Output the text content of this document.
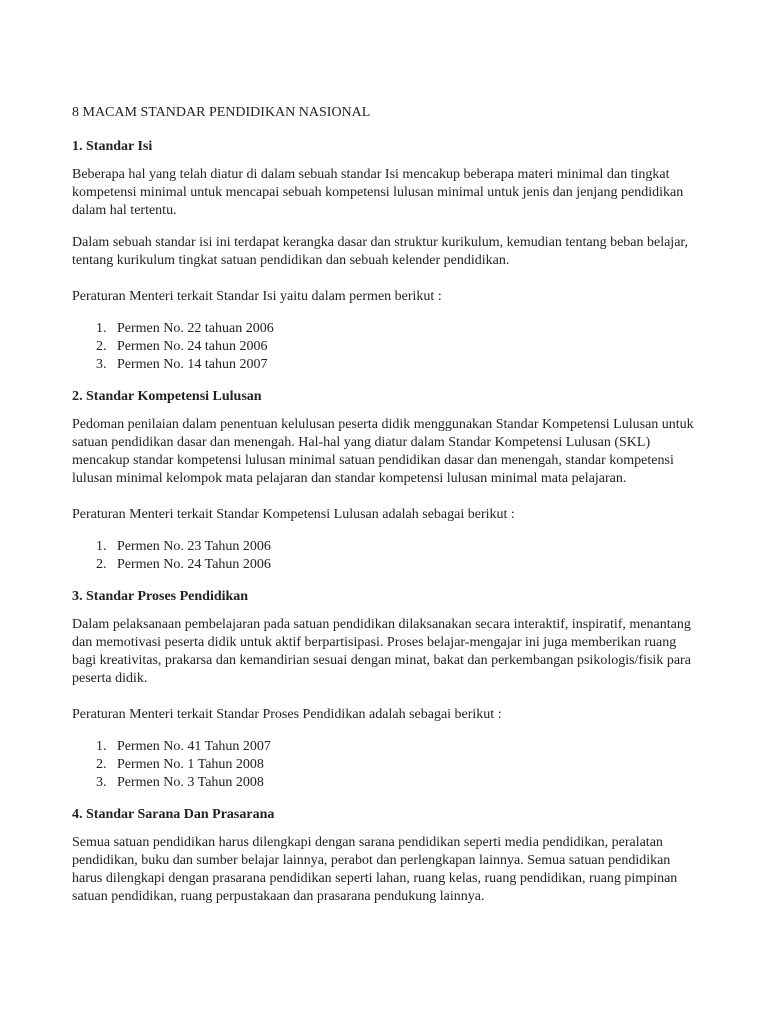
8 MACAM STANDAR PENDIDIKAN NASIONAL
1. Standar Isi

Beberapa hal yang telah diatur di dalam sebuah standar Isi mencakup beberapa materi minimal dan tingkat kompetensi minimal untuk mencapai sebuah kompetensi lulusan minimal untuk jenis dan jenjang pendidikan dalam hal tertentu.

Dalam sebuah standar isi ini terdapat kerangka dasar dan struktur kurikulum, kemudian tentang beban belajar, tentang kurikulum tingkat satuan pendidikan dan sebuah kelender pendidikan.

Peraturan Menteri terkait Standar Isi yaitu dalam permen berikut :

1. Permen No. 22 tahuan 2006
2. Permen No. 24 tahun 2006
3. Permen No. 14 tahun 2007
2. Standar Kompetensi Lulusan

Pedoman penilaian dalam penentuan kelulusan peserta didik menggunakan Standar Kompetensi Lulusan untuk satuan pendidikan dasar dan menengah. Hal-hal yang diatur dalam Standar Kompetensi Lulusan (SKL) mencakup standar kompetensi lulusan minimal satuan pendidikan dasar dan menengah, standar kompetensi lulusan minimal kelompok mata pelajaran dan standar kompetensi lulusan minimal mata pelajaran.

Peraturan Menteri terkait Standar Kompetensi Lulusan adalah sebagai berikut :

1. Permen No. 23 Tahun 2006
2. Permen No. 24 Tahun 2006
3. Standar Proses Pendidikan

Dalam pelaksanaan pembelajaran pada satuan pendidikan dilaksanakan secara interaktif, inspiratif, menantang dan memotivasi peserta didik untuk aktif berpartisipasi. Proses belajar-mengajar ini juga memberikan ruang bagi kreativitas, prakarsa dan kemandirian sesuai dengan minat, bakat dan perkembangan psikologis/fisik para peserta didik.

Peraturan Menteri terkait Standar Proses Pendidikan adalah sebagai berikut :

1. Permen No. 41 Tahun 2007
2. Permen No. 1 Tahun 2008
3. Permen No. 3 Tahun 2008
4. Standar Sarana Dan Prasarana

Semua satuan pendidikan harus dilengkapi dengan sarana pendidikan seperti media pendidikan, peralatan pendidikan, buku dan sumber belajar lainnya, perabot dan perlengkapan lainnya. Semua satuan pendidikan harus dilengkapi dengan prasarana pendidikan seperti lahan, ruang kelas, ruang pendidikan, ruang pimpinan satuan pendidikan, ruang perpustakaan dan prasarana pendukung lainnya.
